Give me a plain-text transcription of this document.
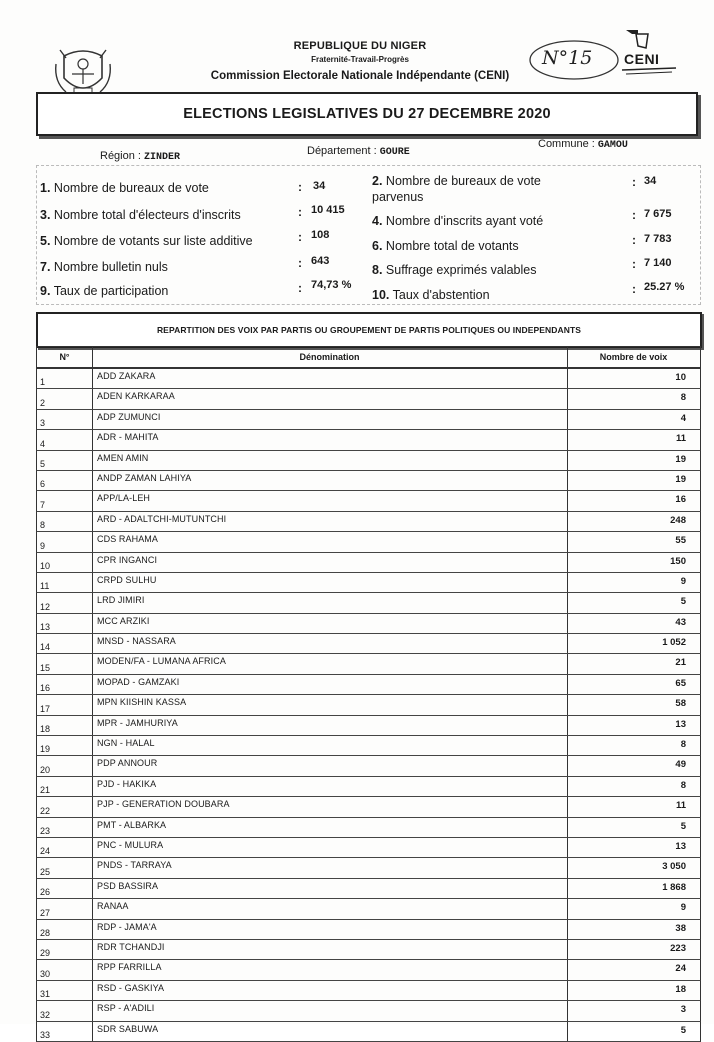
REPUBLIQUE DU NIGER
Fraternité-Travail-Progrès
Commission Electorale Nationale Indépendante (CENI)
N°15 CENI
ELECTIONS LEGISLATIVES DU 27 DECEMBRE 2020
Région : ZINDER
Département : GOURE
Commune : GAMOU
1. Nombre de bureaux de vote	: 34
3. Nombre total d'électeurs d'inscrits	: 10 415
5. Nombre de votants sur liste additive	: 108
7. Nombre bulletin nuls	: 643
9. Taux de participation	: 74,73 %
2. Nombre de bureaux de vote parvenus
: 34
4. Nombre d'inscrits ayant voté	: 7 675
6. Nombre total de votants	: 7 783
8. Suffrage exprimés valables	: 7 140
10. Taux d'abstention	: 25.27 %
REPARTITION DES VOIX PAR PARTIS OU GROUPEMENT DE PARTIS POLITIQUES OU INDEPENDANTS
N°	Dénomination	Nombre de voix
1
ADD ZAKARA	10
2
ADEN KARKARAA	8
3
ADP ZUMUNCI	4
4
ADR - MAHITA	11
5
AMEN AMIN	19
6
ANDP ZAMAN LAHIYA	19
7
APP/LA-LEH	16
8
ARD - ADALTCHI-MUTUNTCHI	248
9
CDS RAHAMA	55
10
CPR INGANCI	150
11
CRPD SULHU	9
12
LRD JIMIRI	5
13
MCC ARZIKI	43
14
MNSD - NASSARA	1 052
15
MODEN/FA - LUMANA AFRICA	21
16
MOPAD - GAMZAKI	65
17
MPN KIISHIN KASSA	58
18
MPR - JAMHURIYA	13
19
NGN - HALAL	8
20
PDP ANNOUR	49
21
PJD - HAKIKA	8
22
PJP - GENERATION DOUBARA	11
23
PMT - ALBARKA	5
24
PNC - MULURA	13
25
PNDS - TARRAYA	3 050
26
PSD BASSIRA	1 868
27
RANAA	9
28
RDP - JAMA'A	38
29
RDR TCHANDJI	223
30
RPP FARRILLA	24
31
RSD - GASKIYA	18
32
RSP - A'ADILI	3
33
SDR SABUWA	5
